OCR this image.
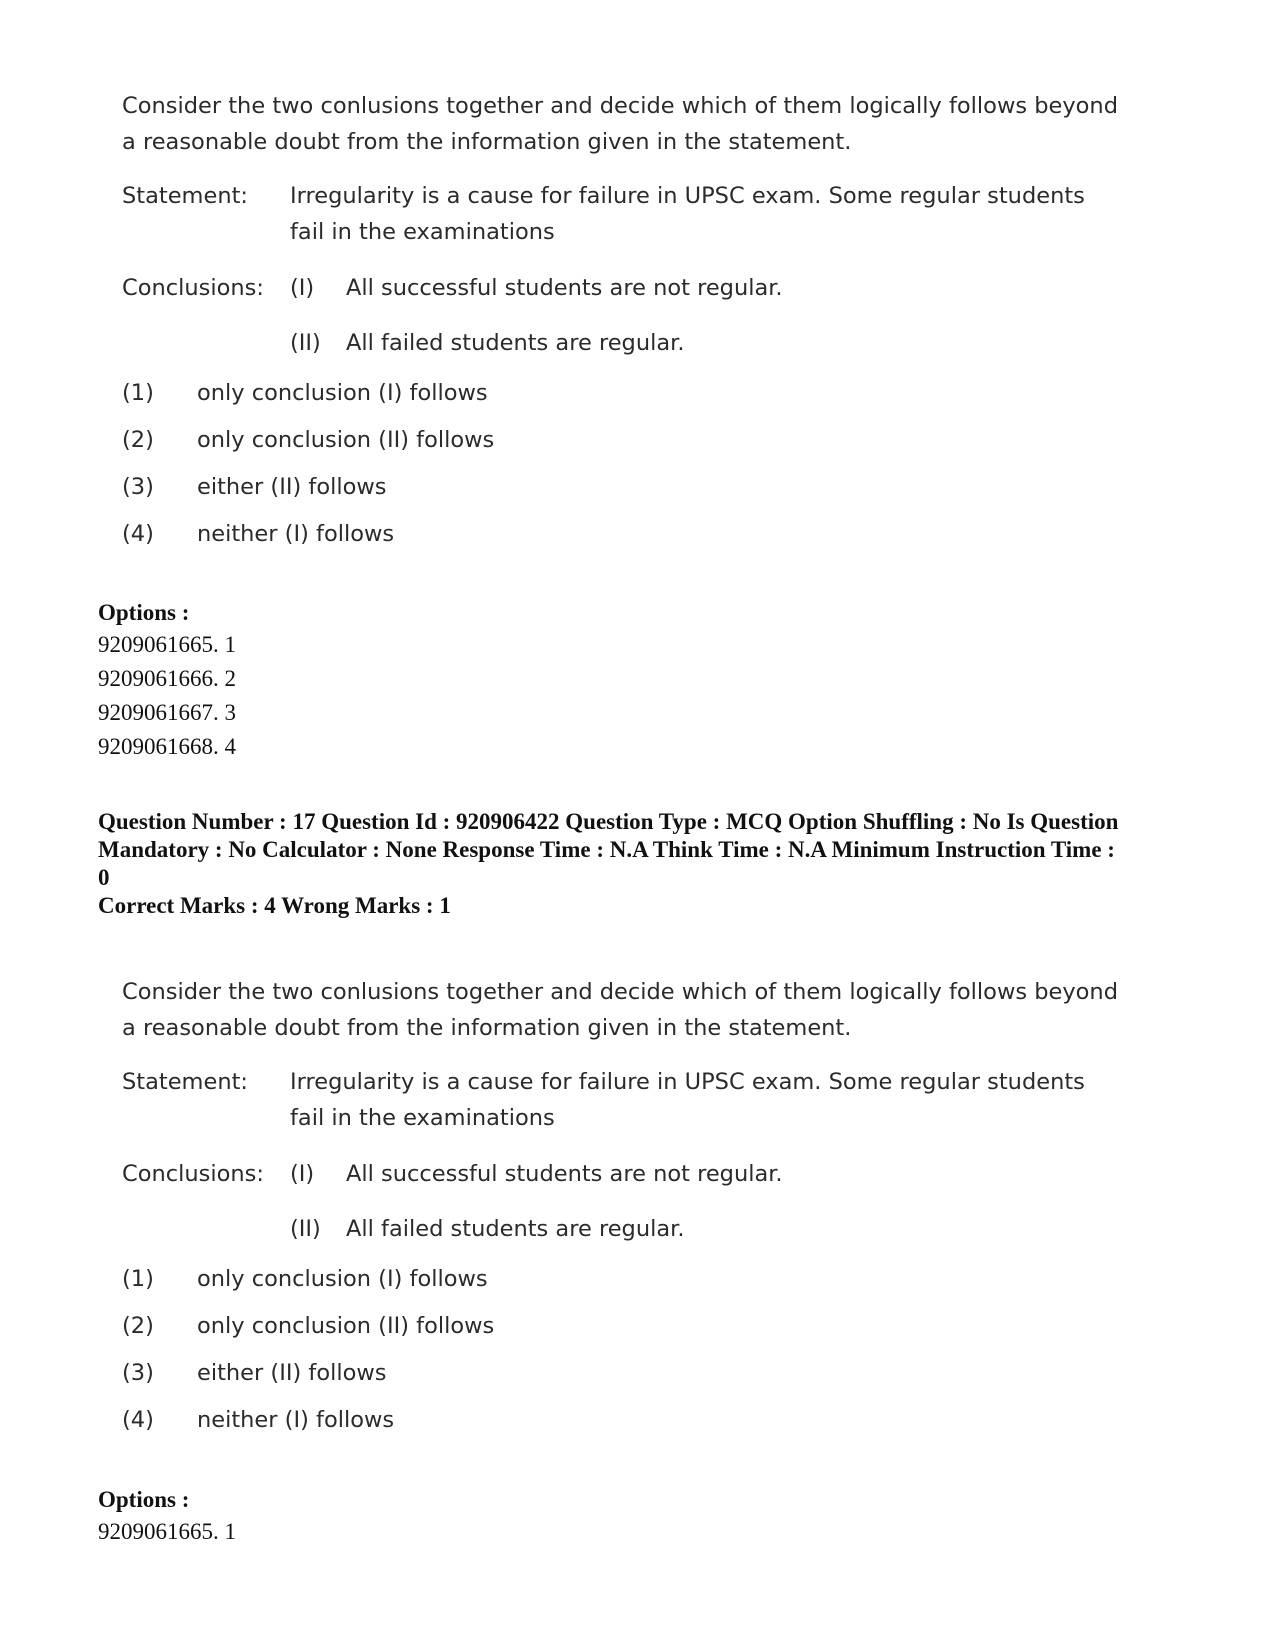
Consider the two conlusions together and decide which of them logically follows beyond a reasonable doubt from the information given in the statement.

Statement:	Irregularity is a cause for failure in UPSC exam. Some regular students fail in the examinations
Conclusions:	(I)	All successful students are not regular.
(II)	All failed students are regular.
(1)	only conclusion (I) follows
(2)	only conclusion (II) follows
(3)	either (II) follows
(4)	neither (I) follows
Options :
9209061665. 1
9209061666. 2
9209061667. 3
9209061668. 4
Question Number : 17 Question Id : 920906422 Question Type : MCQ Option Shuffling : No Is Question Mandatory : No Calculator : None Response Time : N.A Think Time : N.A Minimum Instruction Time : 0
Correct Marks : 4 Wrong Marks : 1

Consider the two conlusions together and decide which of them logically follows beyond a reasonable doubt from the information given in the statement.

Statement:	Irregularity is a cause for failure in UPSC exam. Some regular students fail in the examinations
Conclusions:	(I)	All successful students are not regular.
(II)	All failed students are regular.
(1)	only conclusion (I) follows
(2)	only conclusion (II) follows
(3)	either (II) follows
(4)	neither (I) follows
Options :
9209061665. 1
